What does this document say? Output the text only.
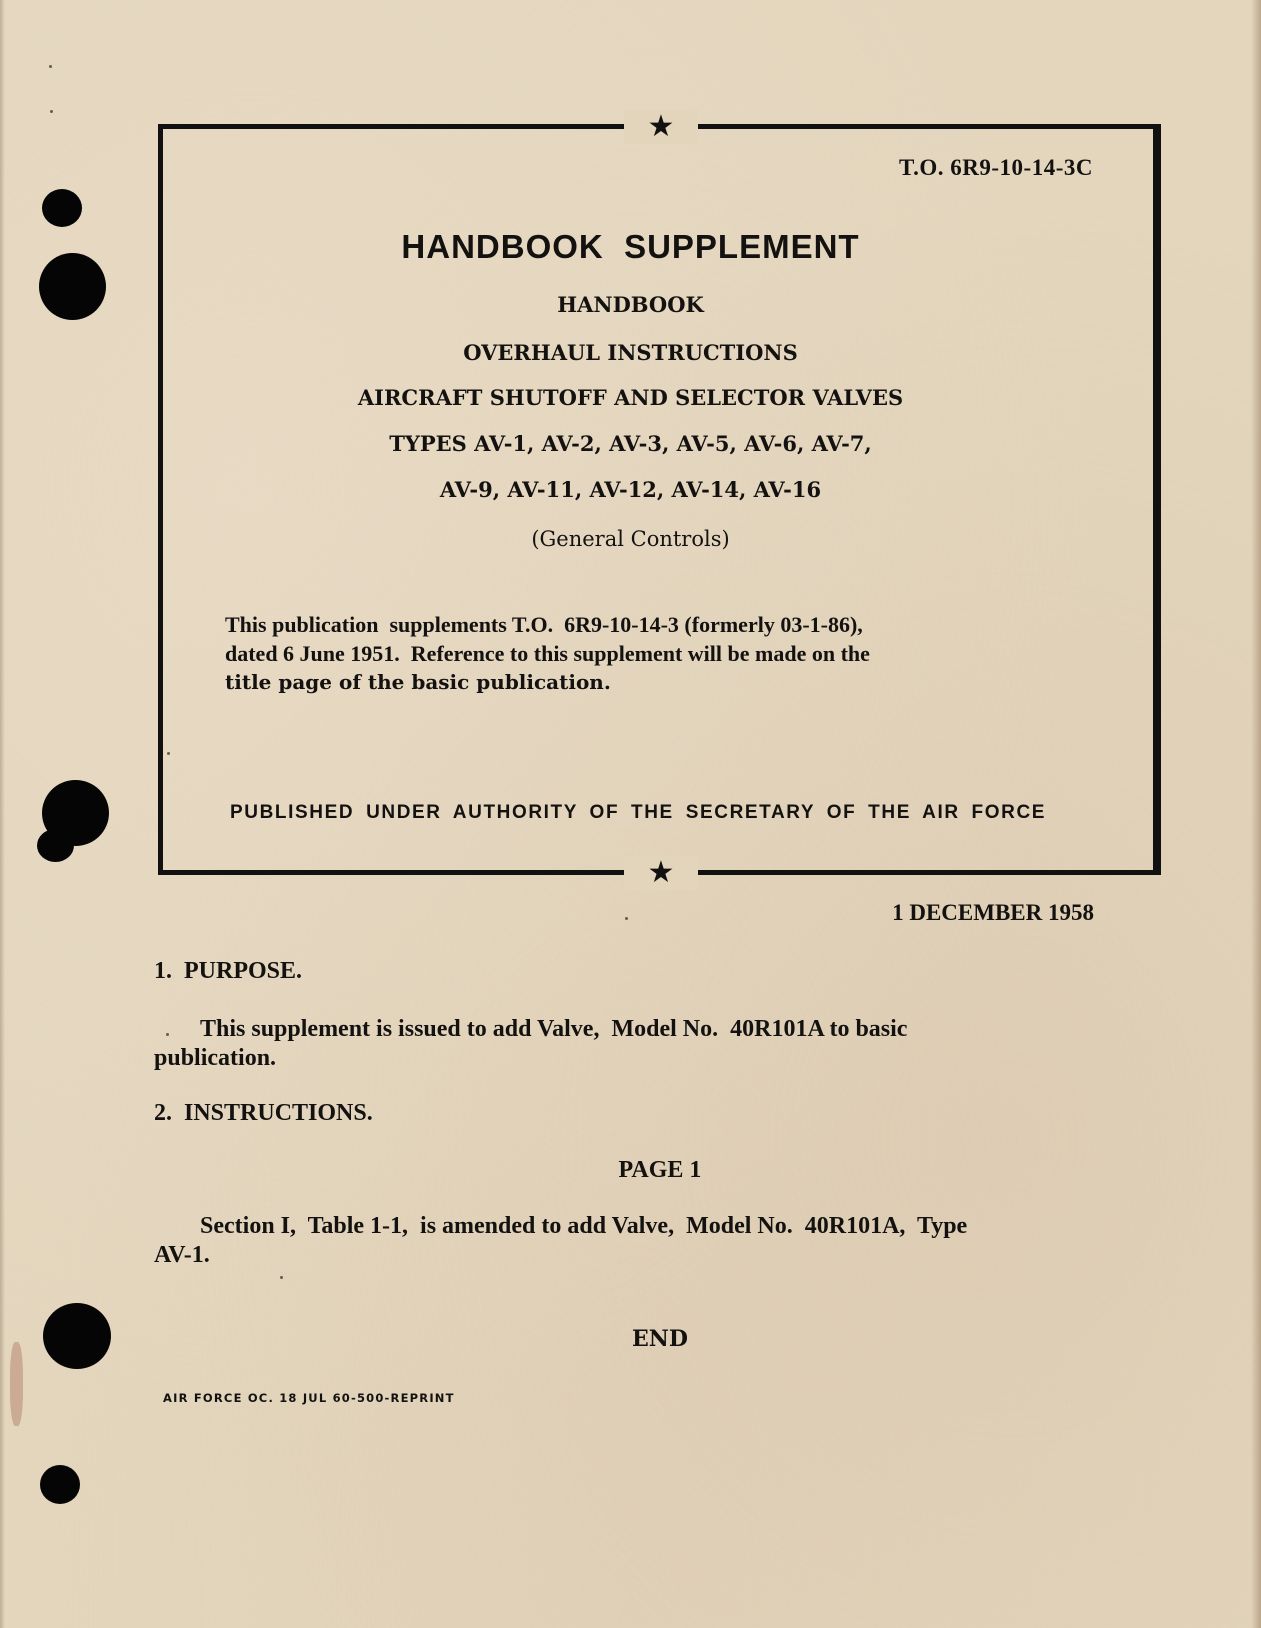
★
★
T.O. 6R9-10-14-3C
HANDBOOK  SUPPLEMENT
HANDBOOK
OVERHAUL INSTRUCTIONS
AIRCRAFT SHUTOFF AND SELECTOR VALVES
TYPES AV-1, AV-2, AV-3, AV-5, AV-6, AV-7,
AV-9, AV-11, AV-12, AV-14, AV-16
(General Controls)
This publication  supplements T.O.  6R9-10-14-3 (formerly 03-1-86),
dated 6 June 1951.  Reference to this supplement will be made on the
title page of the basic publication.
PUBLISHED UNDER AUTHORITY OF THE SECRETARY OF THE AIR FORCE
1 DECEMBER 1958
1.  PURPOSE.
This supplement is issued to add Valve,  Model No.  40R101A to basic
publication.
2.  INSTRUCTIONS.
PAGE 1
Section I,  Table 1-1,  is amended to add Valve,  Model No.  40R101A,  Type
AV-1.
END
AIR FORCE OC. 18 JUL 60-500-REPRINT
